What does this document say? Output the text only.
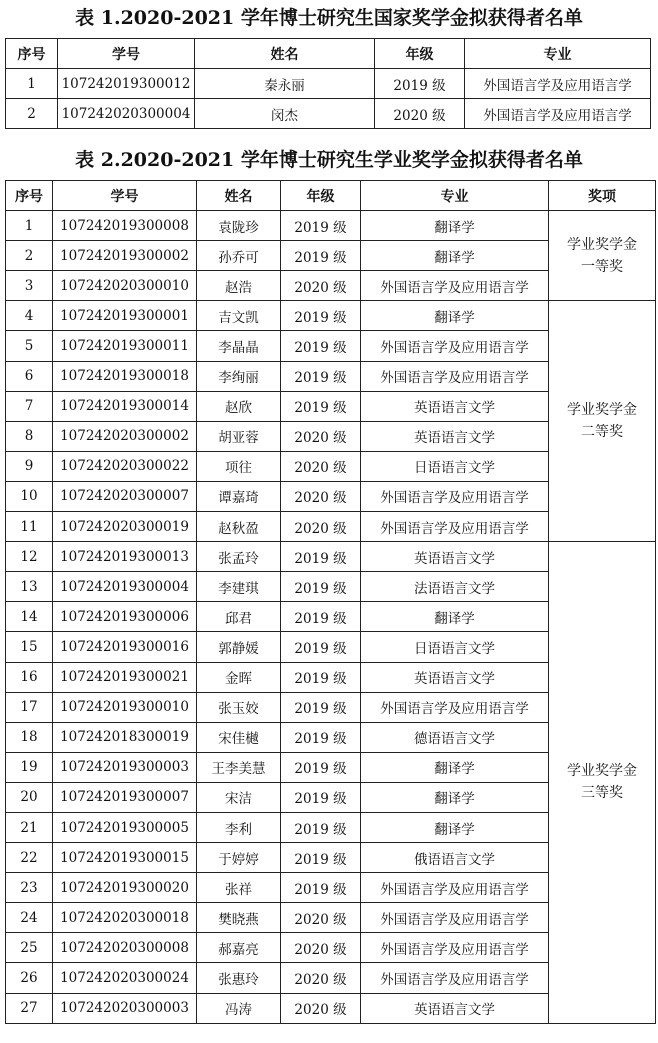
表 1.2020-2021 学年博士研究生国家奖学金拟获得者名单
序号	学号	姓名	年级	专业
1	107242019300012	秦永丽	2019 级	外国语言学及应用语言学
2	107242020300004	闵杰	2020 级	外国语言学及应用语言学
表 2.2020-2021 学年博士研究生学业奖学金拟获得者名单
序号	学号	姓名	年级	专业	奖项
1	107242019300008	袁陇珍	2019 级	翻译学	学业奖学金
一等奖

2	107242019300002	孙乔可	2019 级	翻译学	
3	107242020300010	赵浩	2020 级	外国语言学及应用语言学	
4	107242019300001	吉文凯	2019 级	翻译学	学业奖学金
二等奖

5	107242019300011	李晶晶	2019 级	外国语言学及应用语言学	
6	107242019300018	李绚丽	2019 级	外国语言学及应用语言学	
7	107242019300014	赵欣	2019 级	英语语言文学	
8	107242020300002	胡亚蓉	2020 级	英语语言文学	
9	107242020300022	项往	2020 级	日语语言文学	
10	107242020300007	谭嘉琦	2020 级	外国语言学及应用语言学	
11	107242020300019	赵秋盈	2020 级	外国语言学及应用语言学	
12	107242019300013	张孟玲	2019 级	英语语言文学	学业奖学金
三等奖

13	107242019300004	李建琪	2019 级	法语语言文学	
14	107242019300006	邱君	2019 级	翻译学	
15	107242019300016	郭静媛	2019 级	日语语言文学	
16	107242019300021	金晖	2019 级	英语语言文学	
17	107242019300010	张玉姣	2019 级	外国语言学及应用语言学	
18	107242018300019	宋佳樾	2019 级	德语语言文学	
19	107242019300003	王李美慧	2019 级	翻译学	
20	107242019300007	宋洁	2019 级	翻译学	
21	107242019300005	李利	2019 级	翻译学	
22	107242019300015	于婷婷	2019 级	俄语语言文学	
23	107242019300020	张祥	2019 级	外国语言学及应用语言学	
24	107242020300018	樊晓燕	2020 级	外国语言学及应用语言学	
25	107242020300008	郝嘉亮	2020 级	外国语言学及应用语言学	
26	107242020300024	张惠玲	2020 级	外国语言学及应用语言学	
27	107242020300003	冯涛	2020 级	英语语言文学	
